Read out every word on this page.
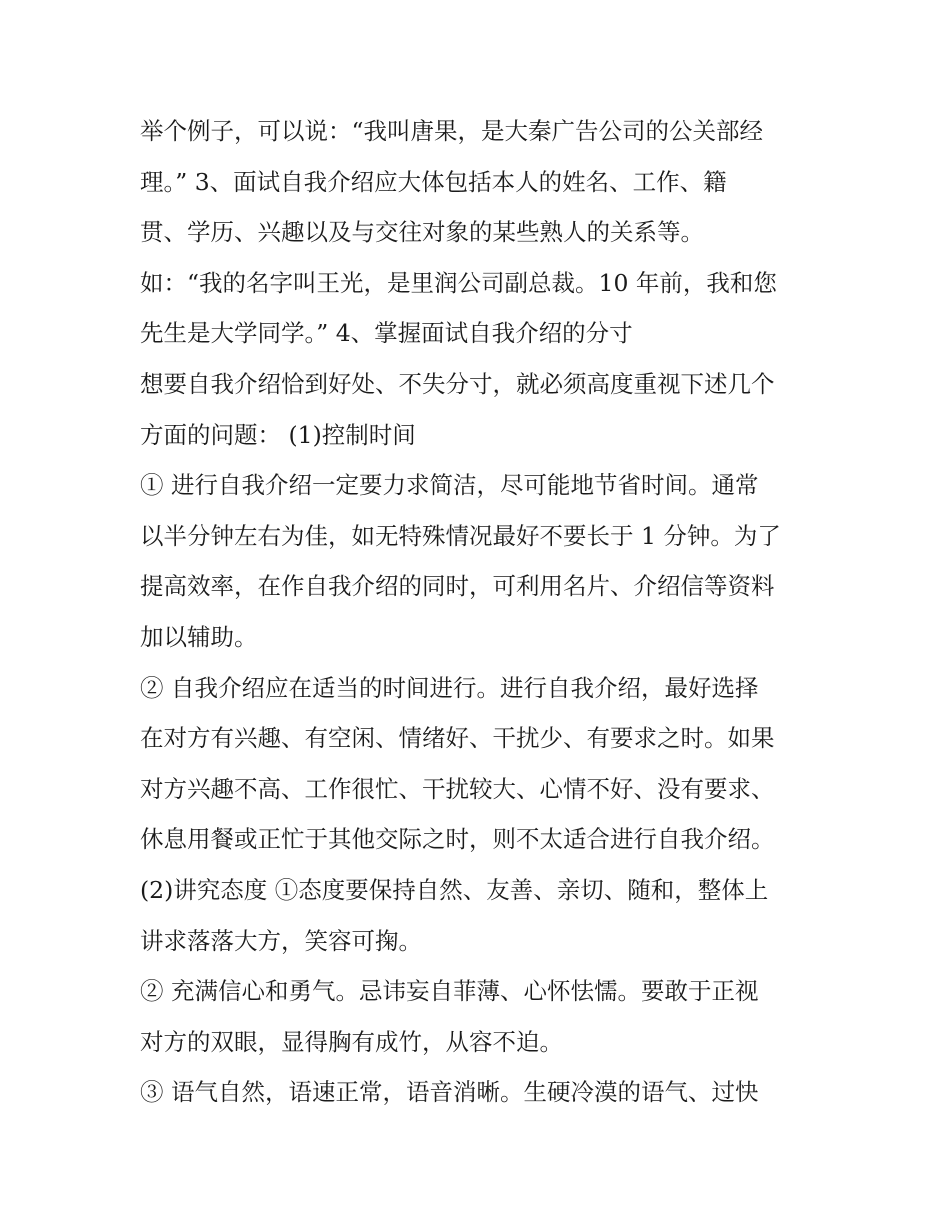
举个例子，可以说：“我叫唐果，是大秦广告公司的公关部经
理。” 3、面试自我介绍应大体包括本人的姓名、工作、籍
贯、学历、兴趣以及与交往对象的某些熟人的关系等。
如：“我的名字叫王光，是里润公司副总裁。10 年前，我和您
先生是大学同学。” 4、掌握面试自我介绍的分寸
想要自我介绍恰到好处、不失分寸，就必须高度重视下述几个
方面的问题： (1)控制时间
① 进行自我介绍一定要力求简洁，尽可能地节省时间。通常
以半分钟左右为佳，如无特殊情况最好不要长于 1 分钟。为了
提高效率，在作自我介绍的同时，可利用名片、介绍信等资料
加以辅助。
② 自我介绍应在适当的时间进行。进行自我介绍，最好选择
在对方有兴趣、有空闲、情绪好、干扰少、有要求之时。如果
对方兴趣不高、工作很忙、干扰较大、心情不好、没有要求、
休息用餐或正忙于其他交际之时，则不太适合进行自我介绍。
(2)讲究态度 ①态度要保持自然、友善、亲切、随和，整体上
讲求落落大方，笑容可掬。
② 充满信心和勇气。忌讳妄自菲薄、心怀怯懦。要敢于正视
对方的双眼，显得胸有成竹，从容不迫。
③ 语气自然，语速正常，语音消晰。生硬冷漠的语气、过快
